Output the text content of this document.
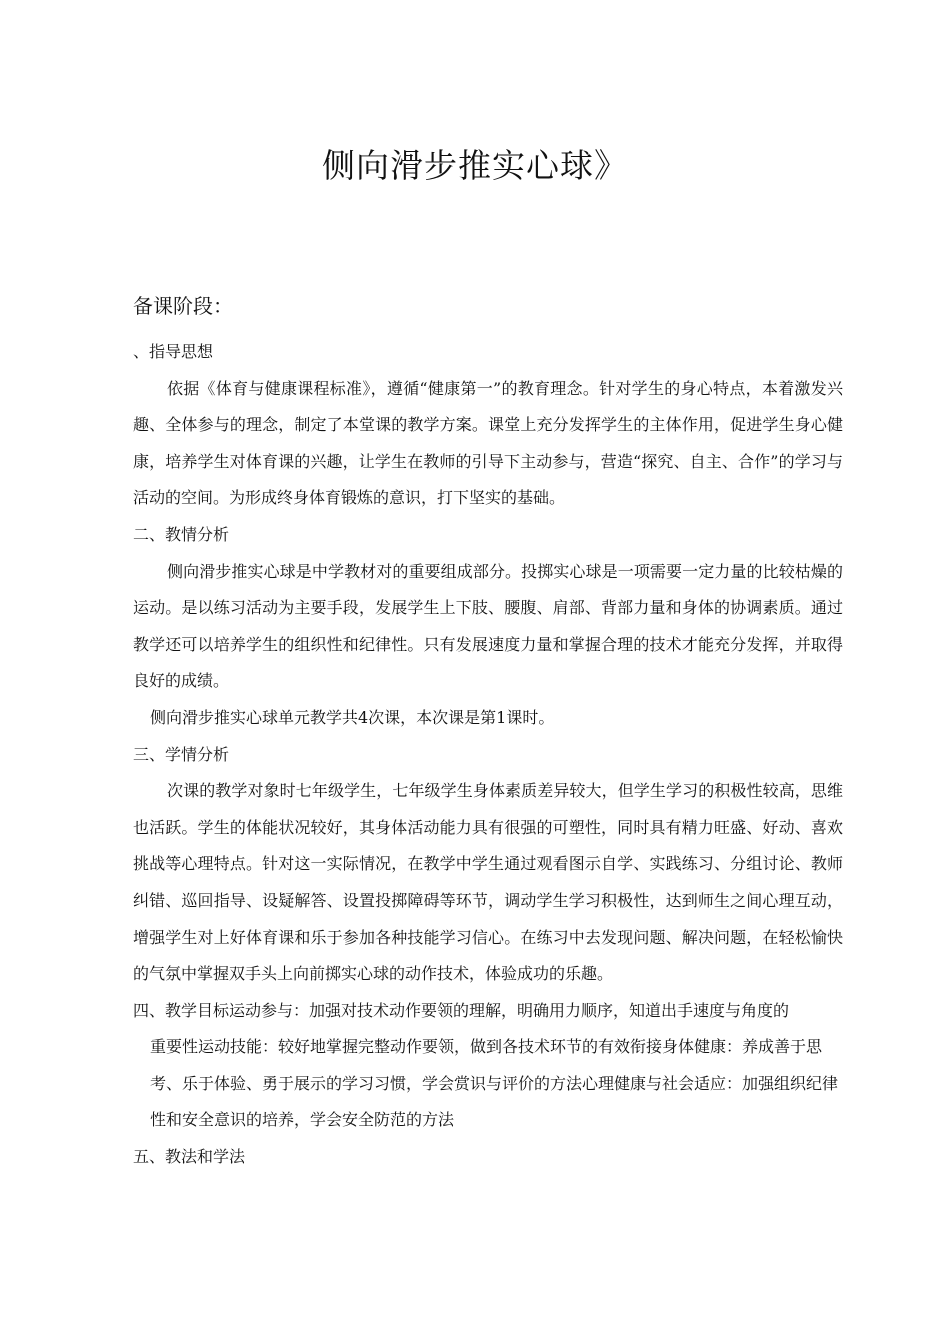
侧向滑步推实心球》
备课阶段：

、指导思想

依据《体育与健康课程标准》，遵循“健康第一”的教育理念。针对学生的身心特点，本着激发兴趣、全体参与的理念，制定了本堂课的教学方案。课堂上充分发挥学生的主体作用，促进学生身心健康，培养学生对体育课的兴趣，让学生在教师的引导下主动参与，营造“探究、自主、合作”的学习与活动的空间。为形成终身体育锻炼的意识，打下坚实的基础。

二、教情分析

侧向滑步推实心球是中学教材对的重要组成部分。投掷实心球是一项需要一定力量的比较枯燥的运动。是以练习活动为主要手段，发展学生上下肢、腰腹、肩部、背部力量和身体的协调素质。通过教学还可以培养学生的组织性和纪律性。只有发展速度力量和掌握合理的技术才能充分发挥，并取得良好的成绩。

侧向滑步推实心球单元教学共4次课，本次课是第1课时。

三、学情分析

次课的教学对象时七年级学生，七年级学生身体素质差异较大，但学生学习的积极性较高，思维也活跃。学生的体能状况较好，其身体活动能力具有很强的可塑性，同时具有精力旺盛、好动、喜欢挑战等心理特点。针对这一实际情况，在教学中学生通过观看图示自学、实践练习、分组讨论、教师纠错、巡回指导、设疑解答、设置投掷障碍等环节，调动学生学习积极性，达到师生之间心理互动，增强学生对上好体育课和乐于参加各种技能学习信心。在练习中去发现问题、解决问题，在轻松愉快的气氛中掌握双手头上向前掷实心球的动作技术，体验成功的乐趣。

四、教学目标运动参与：加强对技术动作要领的理解，明确用力顺序，知道出手速度与角度的
重要性运动技能：较好地掌握完整动作要领，做到各技术环节的有效衔接身体健康：养成善于思考、乐于体验、勇于展示的学习习惯，学会赏识与评价的方法心理健康与社会适应：加强组织纪律性和安全意识的培养，学会安全防范的方法

五、教法和学法
